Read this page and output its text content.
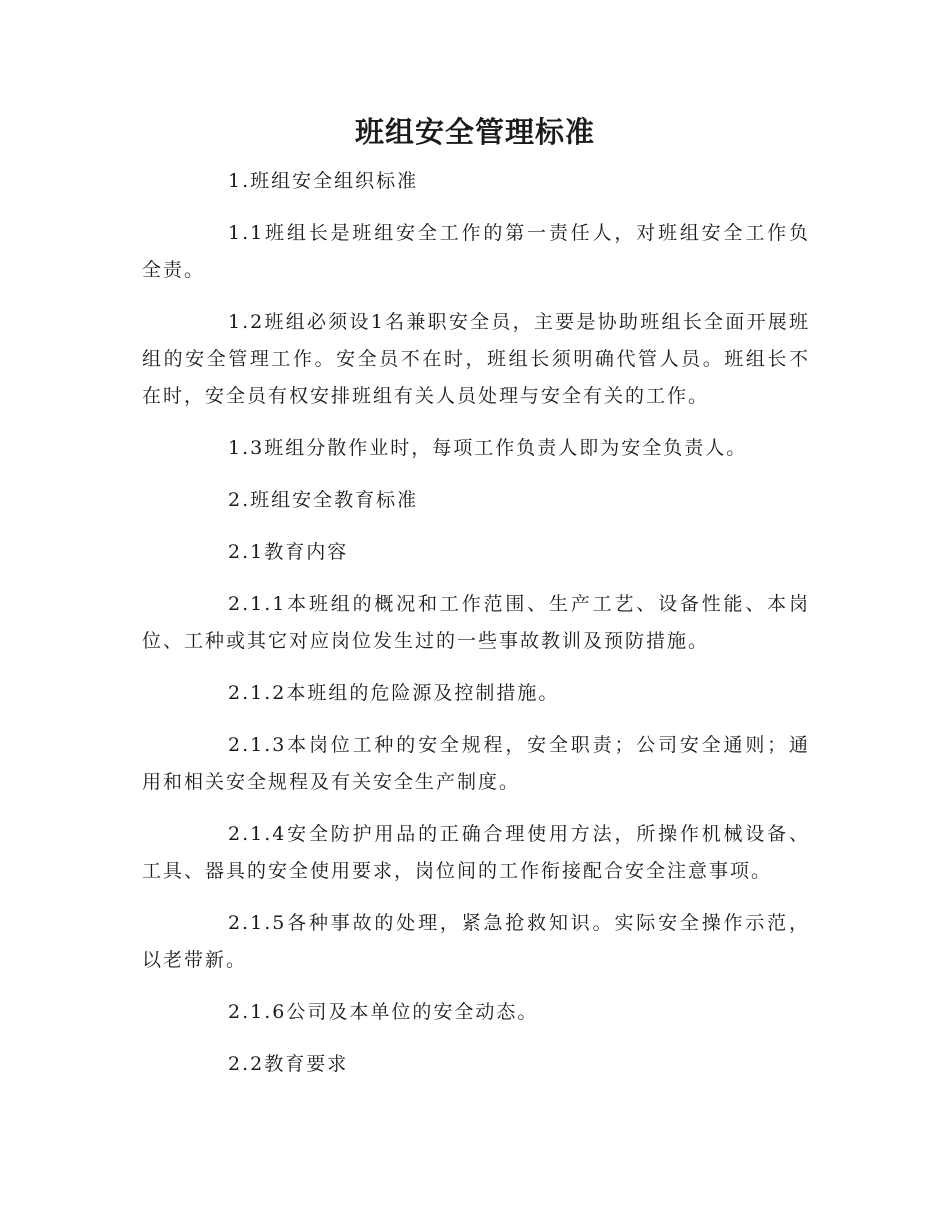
班组安全管理标准

1.班组安全组织标准

1.1班组长是班组安全工作的第一责任人，对班组安全工作负全责。

1.2班组必须设1名兼职安全员，主要是协助班组长全面开展班组的安全管理工作。安全员不在时，班组长须明确代管人员。班组长不在时，安全员有权安排班组有关人员处理与安全有关的工作。

1.3班组分散作业时，每项工作负责人即为安全负责人。

2.班组安全教育标准

2.1教育内容

2.1.1本班组的概况和工作范围、生产工艺、设备性能、本岗位、工种或其它对应岗位发生过的一些事故教训及预防措施。

2.1.2本班组的危险源及控制措施。

2.1.3本岗位工种的安全规程，安全职责；公司安全通则；通用和相关安全规程及有关安全生产制度。

2.1.4安全防护用品的正确合理使用方法，所操作机械设备、工具、器具的安全使用要求，岗位间的工作衔接配合安全注意事项。

2.1.5各种事故的处理，紧急抢救知识。实际安全操作示范，以老带新。

2.1.6公司及本单位的安全动态。

2.2教育要求
